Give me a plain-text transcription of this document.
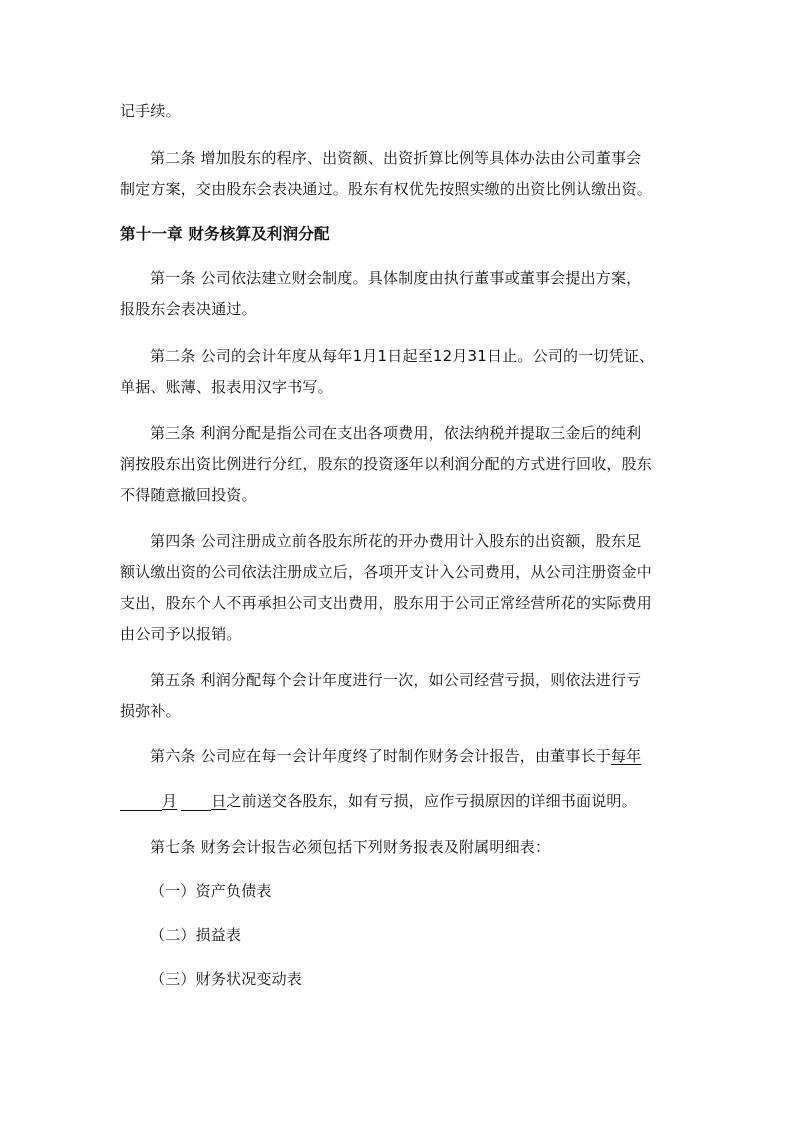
记手续。
第二条 增加股东的程序、出资额、出资折算比例等具体办法由公司董事会
制定方案，交由股东会表决通过。股东有权优先按照实缴的出资比例认缴出资。
第十一章 财务核算及利润分配
第一条 公司依法建立财会制度。具体制度由执行董事或董事会提出方案，
报股东会表决通过。
第二条 公司的会计年度从每年1月1日起至12月31日止。公司的一切凭证、
单据、账薄、报表用汉字书写。
第三条 利润分配是指公司在支出各项费用，依法纳税并提取三金后的纯利
润按股东出资比例进行分红，股东的投资逐年以利润分配的方式进行回收，股东
不得随意撤回投资。
第四条 公司注册成立前各股东所花的开办费用计入股东的出资额，股东足
额认缴出资的公司依法注册成立后，各项开支计入公司费用，从公司注册资金中
支出，股东个人不再承担公司支出费用，股东用于公司正常经营所花的实际费用
由公司予以报销。
第五条 利润分配每个会计年度进行一次，如公司经营亏损，则依法进行亏
损弥补。
第六条 公司应在每一会计年度终了时制作财务会计报告，由董事长于每年
月 日之前送交各股东，如有亏损，应作亏损原因的详细书面说明。
第七条 财务会计报告必须包括下列财务报表及附属明细表：
（一）资产负债表
（二）损益表
（三）财务状况变动表
